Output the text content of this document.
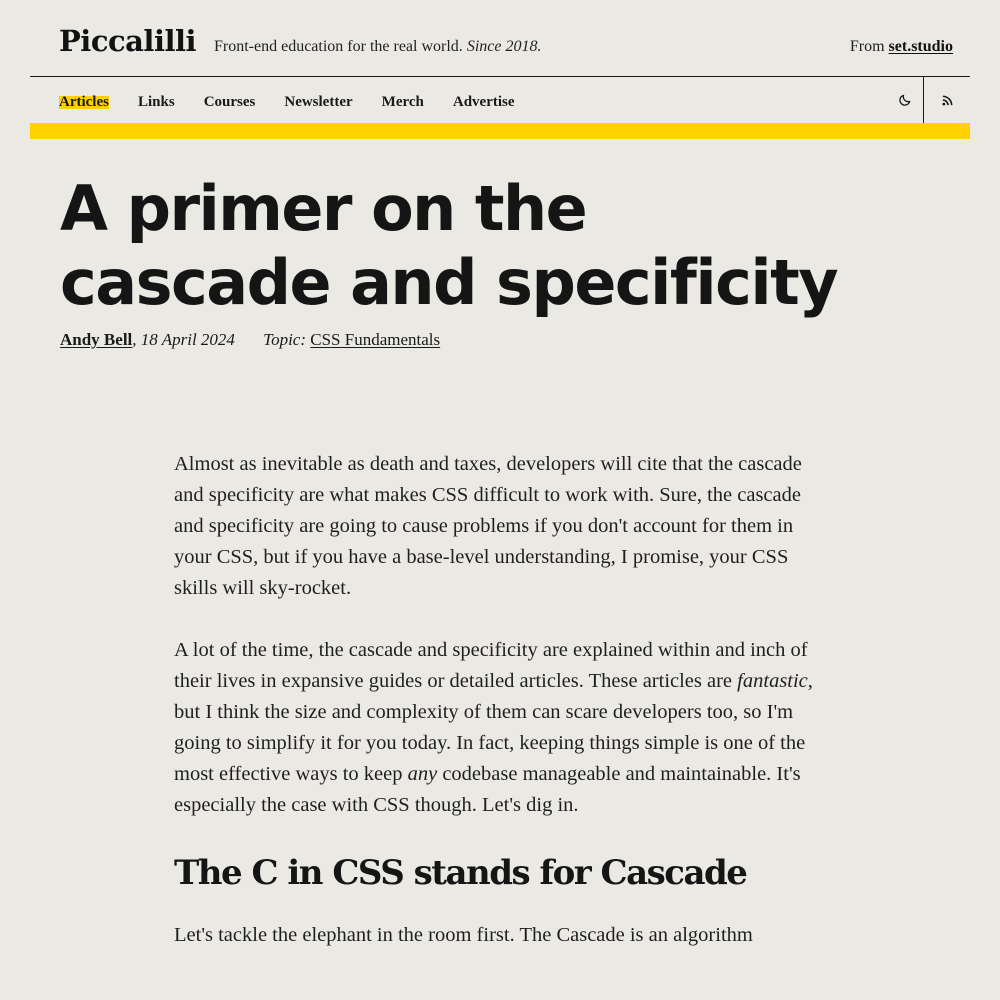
Piccalilli Front-end education for the real world. Since 2018.	From set.studio
Articles Links Courses Newsletter Merch Advertise
A primer on the
cascade and specificity
Andy Bell, 18 April 2024 Topic: CSS Fundamentals

Almost as inevitable as death and taxes, developers will cite that the cascade and specificity are what makes CSS difficult to work with. Sure, the cascade and specificity are going to cause problems if you don't account for them in your CSS, but if you have a base-level understanding, I promise, your CSS skills will sky-rocket.

A lot of the time, the cascade and specificity are explained within and inch of their lives in expansive guides or detailed articles. These articles are fantastic, but I think the size and complexity of them can scare developers too, so I'm going to simplify it for you today. In fact, keeping things simple is one of the most effective ways to keep any codebase manageable and maintainable. It's especially the case with CSS though. Let's dig in.

The C in CSS stands for Cascade

Let's tackle the elephant in the room first. The Cascade is an algorithm
